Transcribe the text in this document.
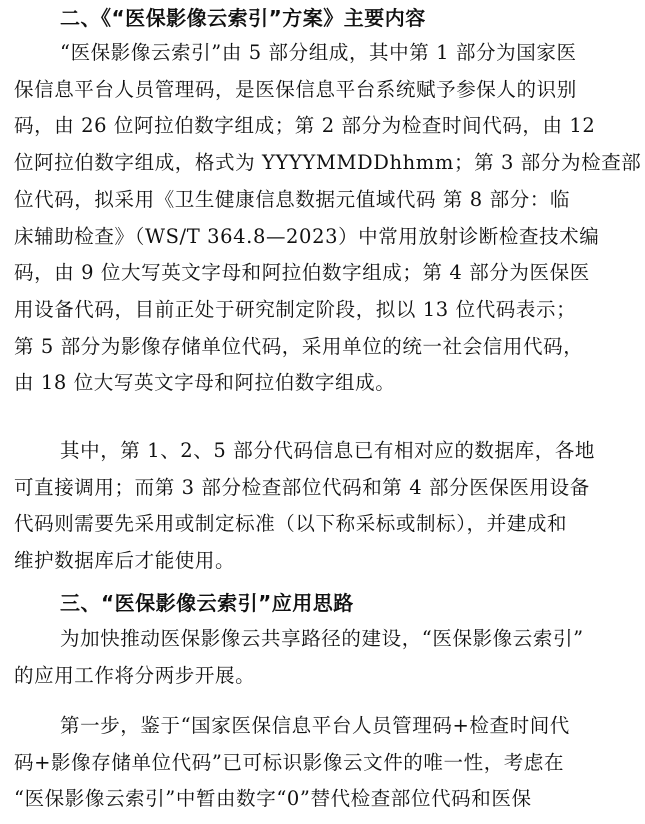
二、《“医保影像云索引”方案》主要内容
“医保影像云索引”由 5 部分组成，其中第 1 部分为国家医
保信息平台人员管理码，是医保信息平台系统赋予参保人的识别
码，由 26 位阿拉伯数字组成；第 2 部分为检查时间代码，由 12
位阿拉伯数字组成，格式为 YYYYMMDDhhmm；第 3 部分为检查部
位代码，拟采用《卫生健康信息数据元值域代码 第 8 部分：临
床辅助检查》（WS/T 364.8—2023）中常用放射诊断检查技术编
码，由 9 位大写英文字母和阿拉伯数字组成；第 4 部分为医保医
用设备代码，目前正处于研究制定阶段，拟以 13 位代码表示；
第 5 部分为影像存储单位代码，采用单位的统一社会信用代码，
由 18 位大写英文字母和阿拉伯数字组成。
其中，第 1、2、5 部分代码信息已有相对应的数据库，各地
可直接调用；而第 3 部分检查部位代码和第 4 部分医保医用设备
代码则需要先采用或制定标准（以下称采标或制标），并建成和
维护数据库后才能使用。
三、“医保影像云索引”应用思路
为加快推动医保影像云共享路径的建设，“医保影像云索引”
的应用工作将分两步开展。
第一步，鉴于“国家医保信息平台人员管理码+检查时间代
码+影像存储单位代码”已可标识影像云文件的唯一性，考虑在
“医保影像云索引”中暂由数字“0”替代检查部位代码和医保
